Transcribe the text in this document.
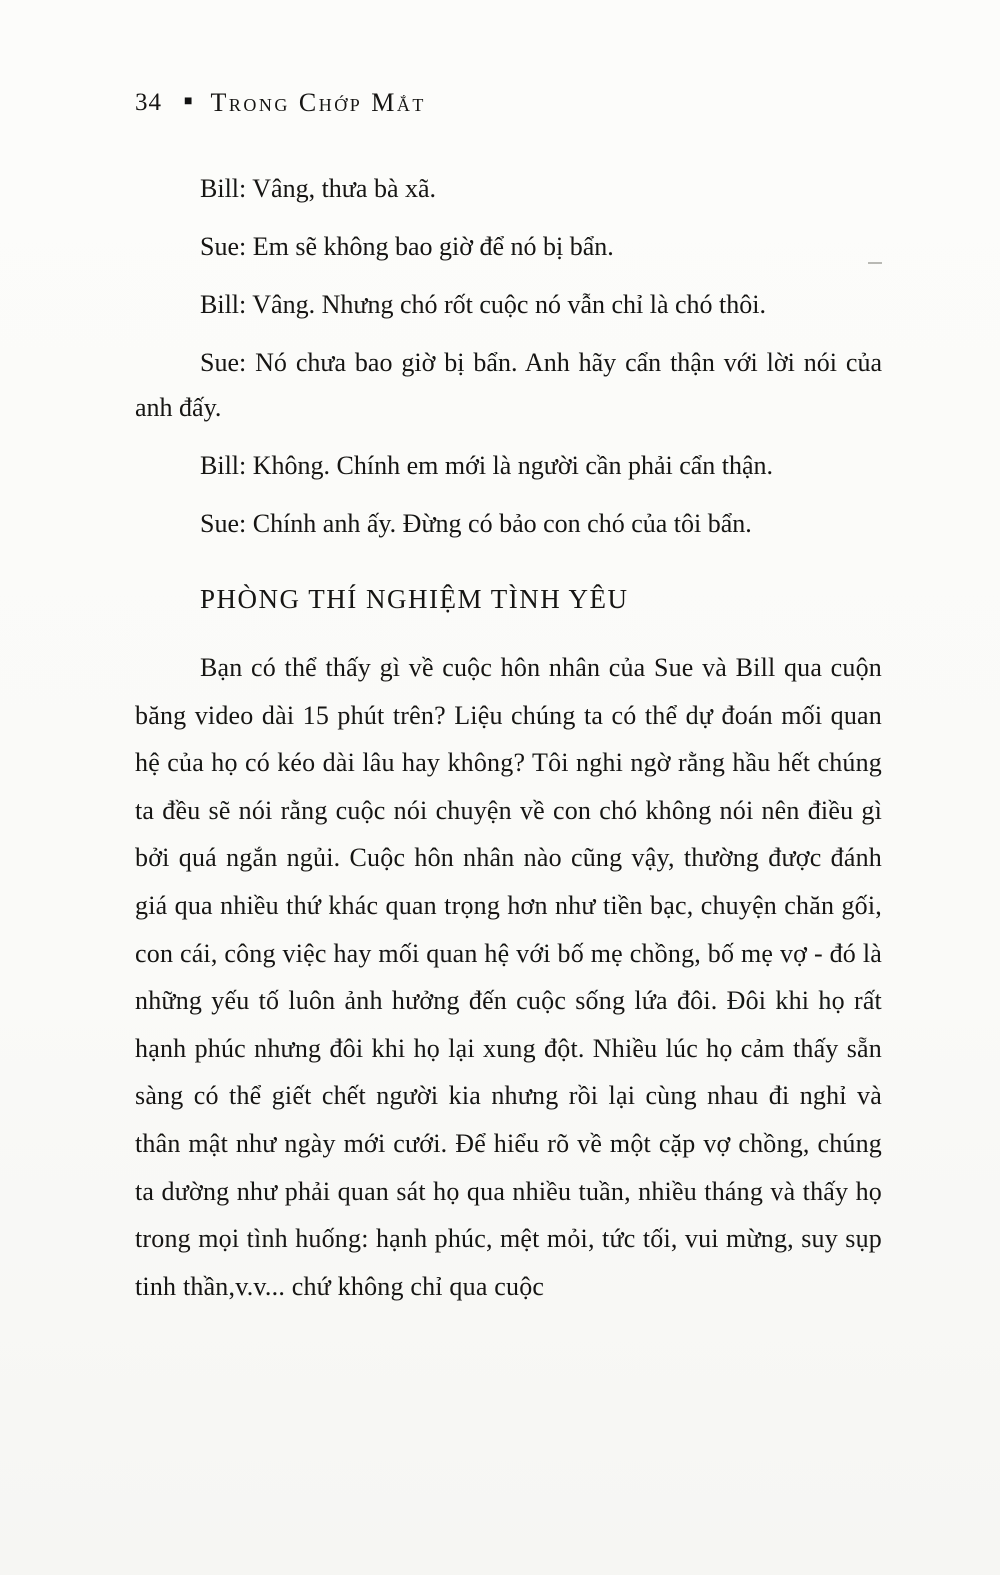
34 ■ Trong Chớp Mắt

Bill: Vâng, thưa bà xã.

Sue: Em sẽ không bao giờ để nó bị bẩn.

Bill: Vâng. Nhưng chó rốt cuộc nó vẫn chỉ là chó thôi.

Sue: Nó chưa bao giờ bị bẩn. Anh hãy cẩn thận với lời nói của anh đấy.

Bill: Không. Chính em mới là người cần phải cẩn thận.

Sue: Chính anh ấy. Đừng có bảo con chó của tôi bẩn.

PHÒNG THÍ NGHIỆM TÌNH YÊU

Bạn có thể thấy gì về cuộc hôn nhân của Sue và Bill qua cuộn băng video dài 15 phút trên? Liệu chúng ta có thể dự đoán mối quan hệ của họ có kéo dài lâu hay không? Tôi nghi ngờ rằng hầu hết chúng ta đều sẽ nói rằng cuộc nói chuyện về con chó không nói nên điều gì bởi quá ngắn ngủi. Cuộc hôn nhân nào cũng vậy, thường được đánh giá qua nhiều thứ khác quan trọng hơn như tiền bạc, chuyện chăn gối, con cái, công việc hay mối quan hệ với bố mẹ chồng, bố mẹ vợ - đó là những yếu tố luôn ảnh hưởng đến cuộc sống lứa đôi. Đôi khi họ rất hạnh phúc nhưng đôi khi họ lại xung đột. Nhiều lúc họ cảm thấy sẵn sàng có thể giết chết người kia nhưng rồi lại cùng nhau đi nghỉ và thân mật như ngày mới cưới. Để hiểu rõ về một cặp vợ chồng, chúng ta dường như phải quan sát họ qua nhiều tuần, nhiều tháng và thấy họ trong mọi tình huống: hạnh phúc, mệt mỏi, tức tối, vui mừng, suy sụp tinh thần,v.v... chứ không chỉ qua cuộc
